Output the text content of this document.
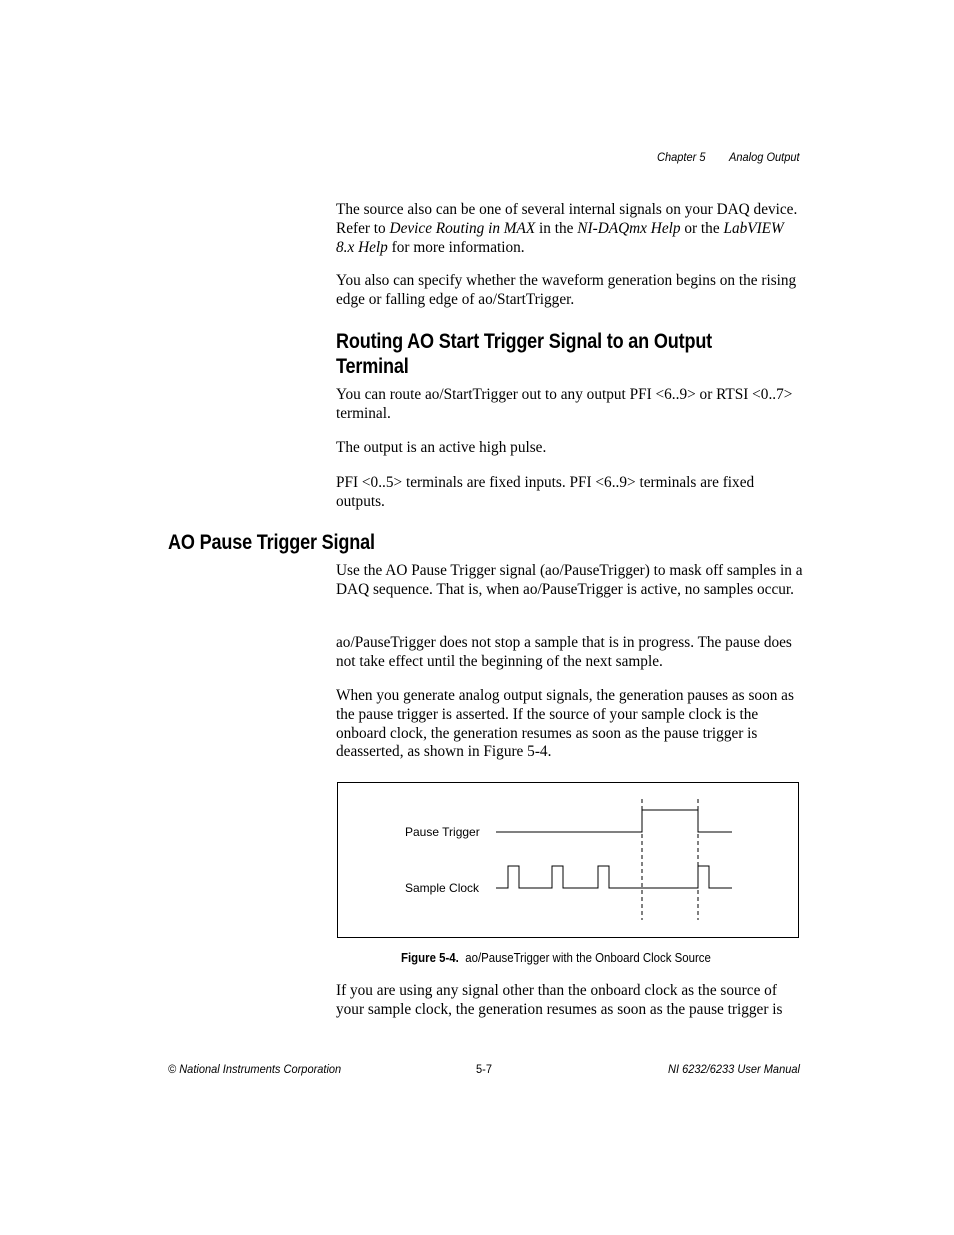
Chapter 5 Analog Output

The source also can be one of several internal signals on your DAQ device. Refer to Device Routing in MAX in the NI-DAQmx Help or the LabVIEW 8.x Help for more information.

You also can specify whether the waveform generation begins on the rising edge or falling edge of ao/StartTrigger.

Routing AO Start Trigger Signal to an Output
Terminal

You can route ao/StartTrigger out to any output PFI <6..9> or RTSI <0..7> terminal.

The output is an active high pulse.

PFI <0..5> terminals are fixed inputs. PFI <6..9> terminals are fixed outputs.

AO Pause Trigger Signal

Use the AO Pause Trigger signal (ao/PauseTrigger) to mask off samples in a DAQ sequence. That is, when ao/PauseTrigger is active, no samples occur.

ao/PauseTrigger does not stop a sample that is in progress. The pause does not take effect until the beginning of the next sample.

When you generate analog output signals, the generation pauses as soon as the pause trigger is asserted. If the source of your sample clock is the onboard clock, the generation resumes as soon as the pause trigger is deasserted, as shown in Figure 5-4.

Pause Trigger
Sample Clock
Figure 5-4. ao/PauseTrigger with the Onboard Clock Source

If you are using any signal other than the onboard clock as the source of your sample clock, the generation resumes as soon as the pause trigger is

© National Instruments Corporation	5-7	NI 6232/6233 User Manual
